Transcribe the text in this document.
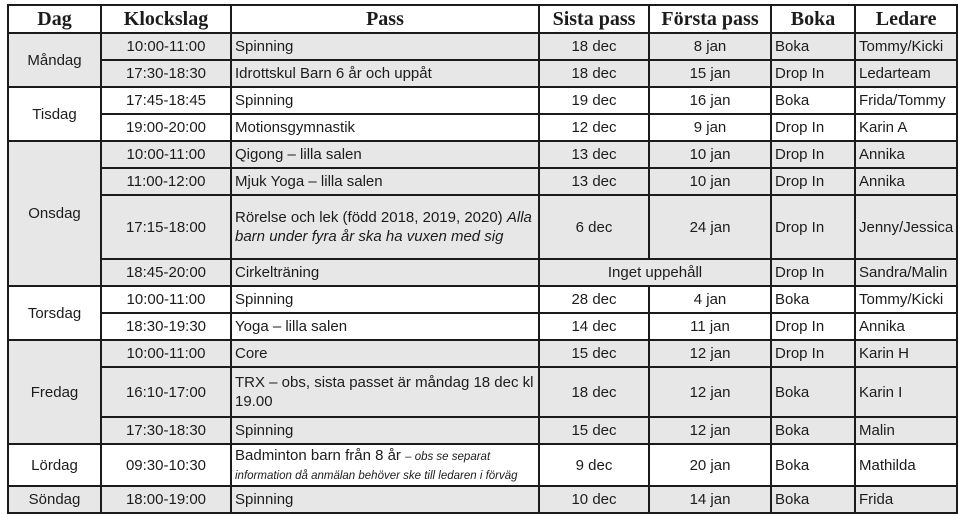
Dag	Klockslag	Pass	Sista pass	Första pass	Boka	Ledare
Måndag	10:00-11:00	Spinning	18 dec	8 jan	Boka	Tommy/Kicki
	17:30-18:30	Idrottskul Barn 6 år och uppåt	18 dec	15 jan	Drop In	Ledarteam
Tisdag	17:45-18:45	Spinning	19 dec	16 jan	Boka	Frida/Tommy
	19:00-20:00	Motionsgymnastik	12 dec	9 jan	Drop In	Karin A
Onsdag	10:00-11:00	Qigong – lilla salen	13 dec	10 jan	Drop In	Annika
	11:00-12:00	Mjuk Yoga – lilla salen	13 dec	10 jan	Drop In	Annika
	17:15-18:00	Rörelse och lek (född 2018, 2019, 2020) Alla barn under fyra år ska ha vuxen med sig	6 dec	24 jan	Drop In	Jenny/Jessica
	18:45-20:00	Cirkelträning	Inget uppehåll		Drop In	Sandra/Malin
Torsdag	10:00-11:00	Spinning	28 dec	4 jan	Boka	Tommy/Kicki
	18:30-19:30	Yoga – lilla salen	14 dec	11 jan	Drop In	Annika
Fredag	10:00-11:00	Core	15 dec	12 jan	Drop In	Karin H
	16:10-17:00	TRX – obs, sista passet är måndag 18 dec kl 19.00	18 dec	12 jan	Boka	Karin I
	17:30-18:30	Spinning	15 dec	12 jan	Boka	Malin
Lördag	09:30-10:30	Badminton barn från 8 år – obs se separat information då anmälan behöver ske till ledaren i förväg	9 dec	20 jan	Boka	Mathilda
Söndag	18:00-19:00	Spinning	10 dec	14 jan	Boka	Frida
